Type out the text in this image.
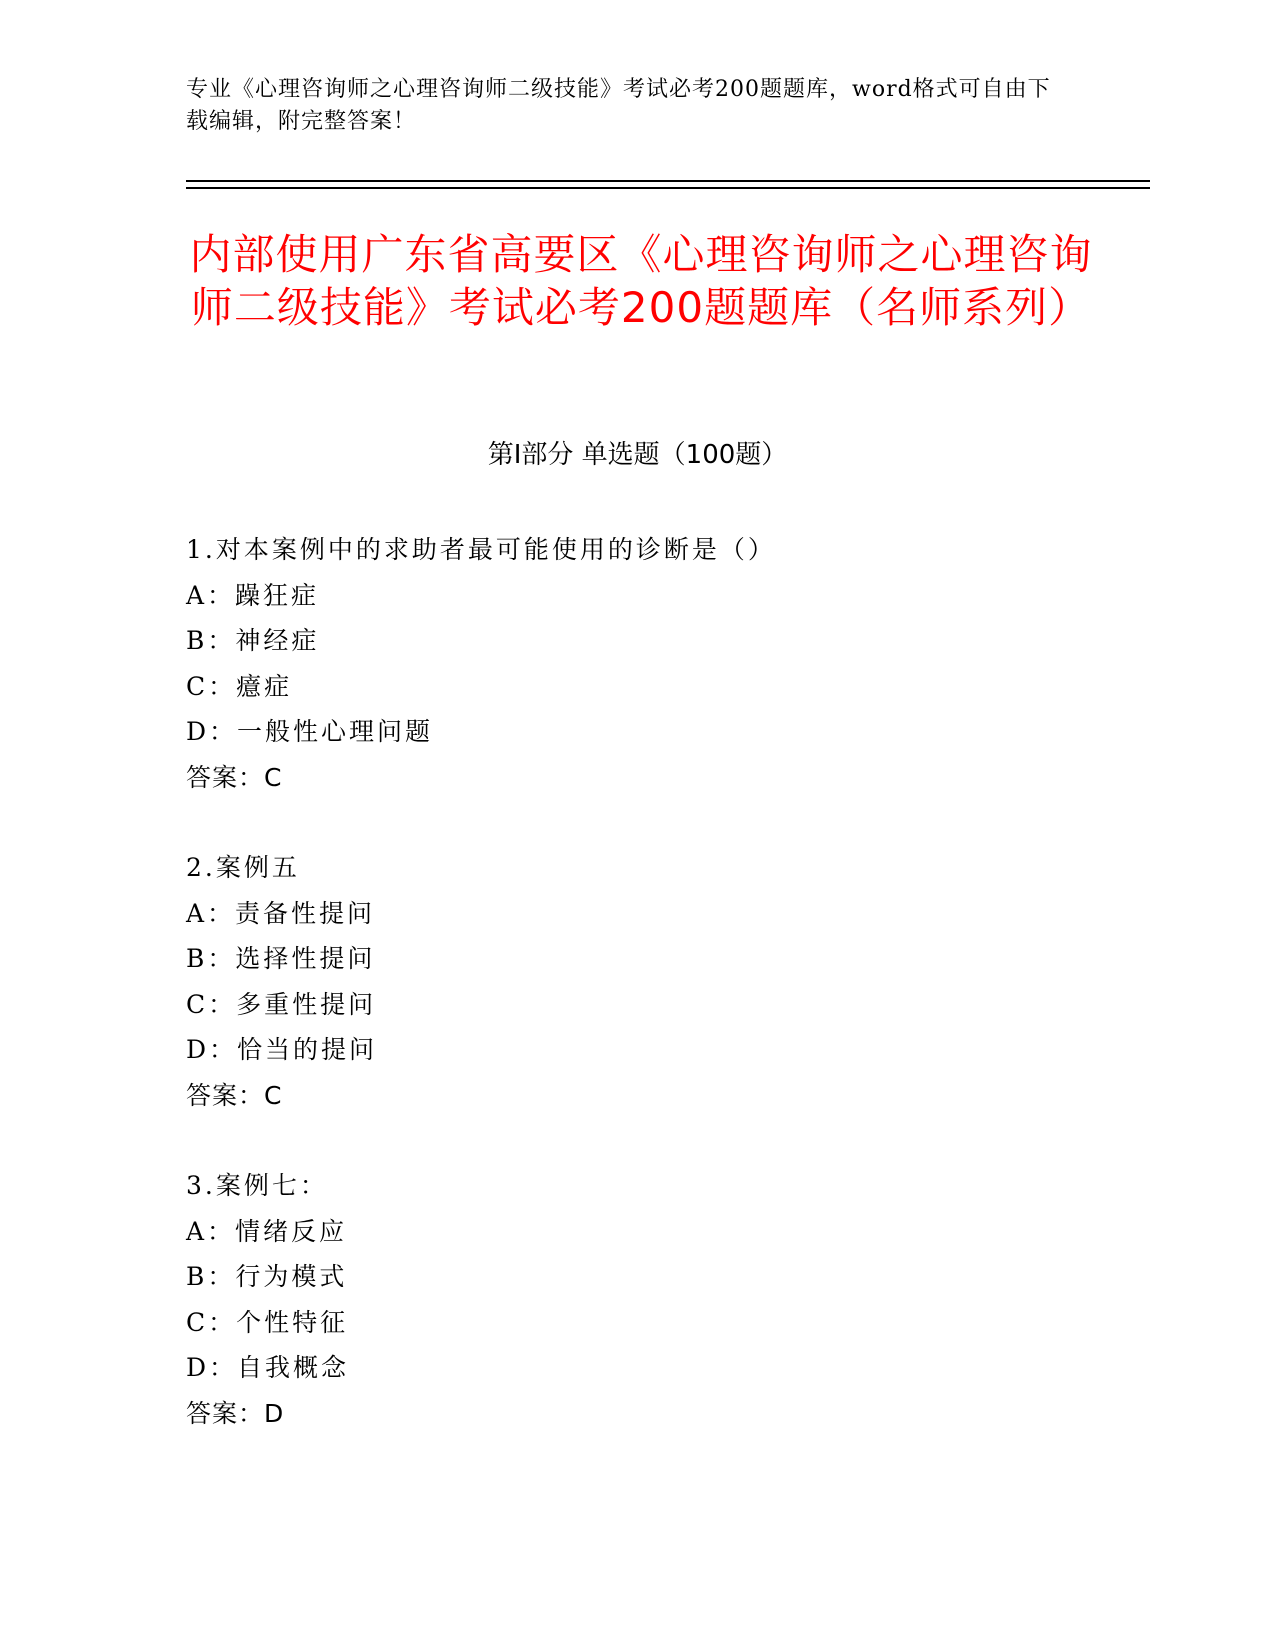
专业《心理咨询师之心理咨询师二级技能》考试必考200题题库，word格式可自由下载编辑，附完整答案！
内部使用广东省高要区《心理咨询师之心理咨询师二级技能》考试必考200题题库（名师系列）
第I部分 单选题（100题）
1.对本案例中的求助者最可能使用的诊断是（）
A：躁狂症
B：神经症
C：癔症
D：一般性心理问题
答案：C
2.案例五
A：责备性提问
B：选择性提问
C：多重性提问
D：恰当的提问
答案：C
3.案例七：
A：情绪反应
B：行为模式
C：个性特征
D：自我概念
答案：D
